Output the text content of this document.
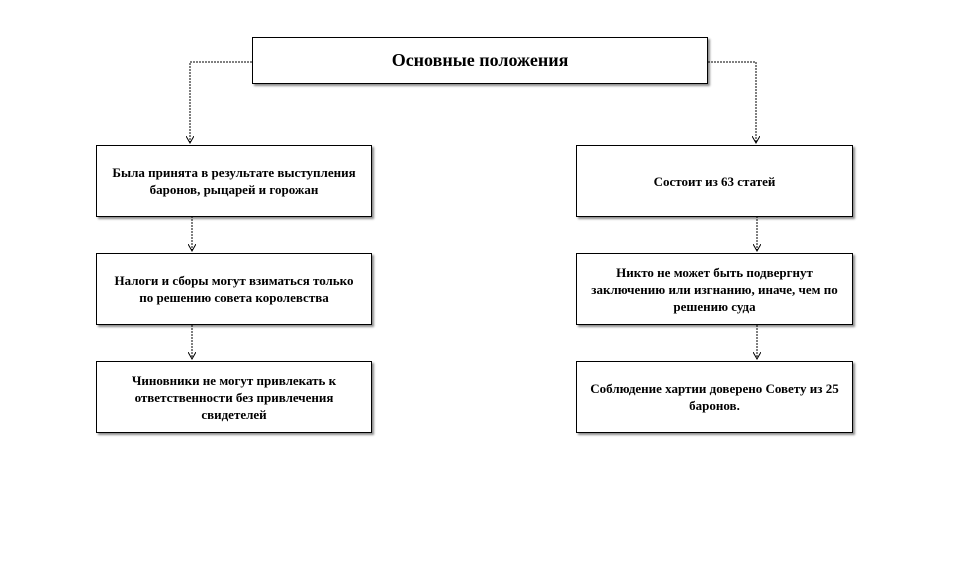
Основные положения
Была принята в результате выступления баронов, рыцарей и горожан
Налоги и сборы могут взиматься только по решению совета королевства
Чиновники не могут привлекать к ответственности без привлечения свидетелей
Состоит из 63 статей
Никто не может быть подвергнут заключению или изгнанию, иначе, чем по решению суда
Соблюдение хартии доверено Совету из 25 баронов.
